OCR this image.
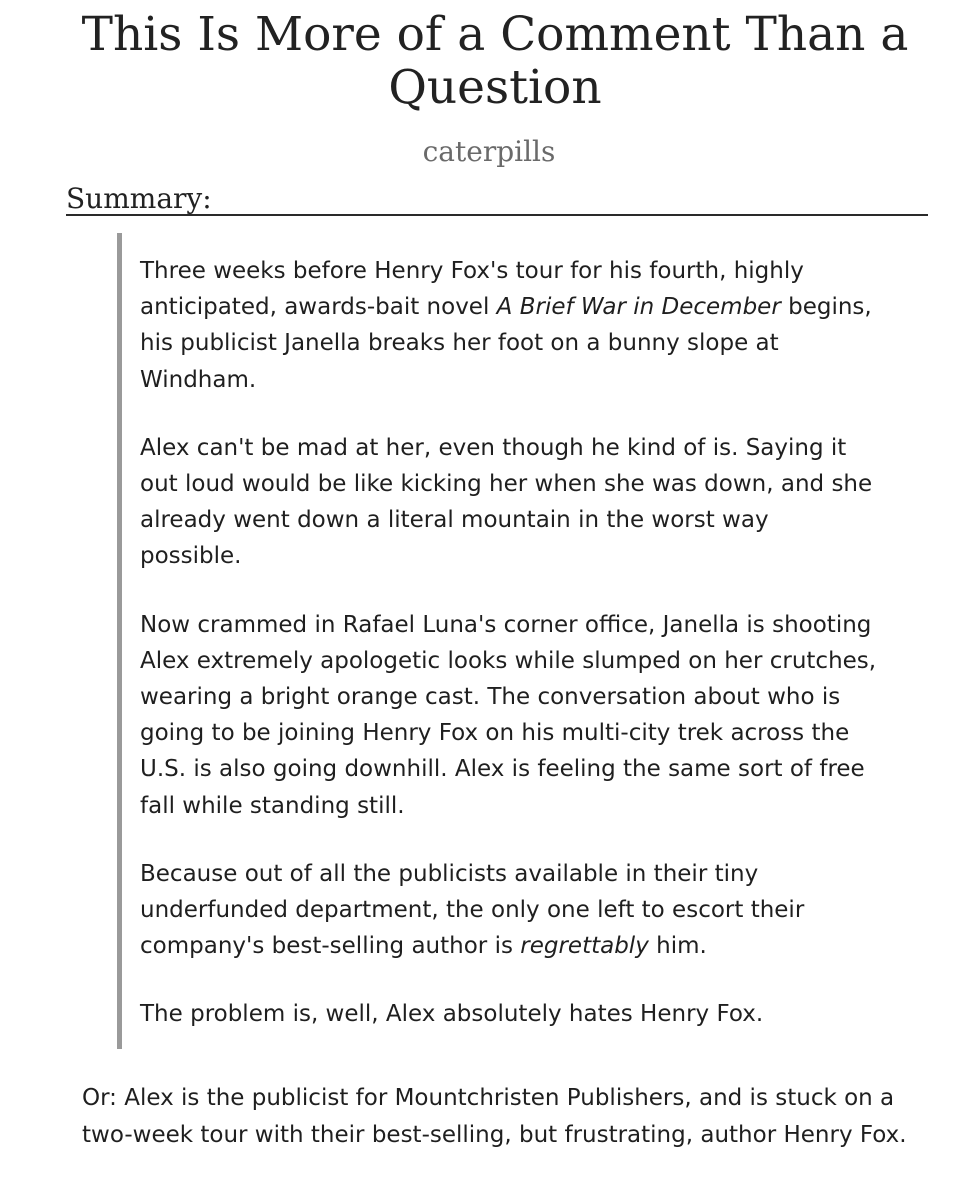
This Is More of a Comment Than a Question
caterpills
Summary:

Three weeks before Henry Fox's tour for his fourth, highly anticipated, awards-bait novel A Brief War in December begins, his publicist Janella breaks her foot on a bunny slope at Windham.

Alex can't be mad at her, even though he kind of is. Saying it out loud would be like kicking her when she was down, and she already went down a literal mountain in the worst way possible.

Now crammed in Rafael Luna's corner office, Janella is shooting Alex extremely apologetic looks while slumped on her crutches, wearing a bright orange cast. The conversation about who is going to be joining Henry Fox on his multi-city trek across the U.S. is also going downhill. Alex is feeling the same sort of free fall while standing still.

Because out of all the publicists available in their tiny underfunded department, the only one left to escort their company's best-selling author is regrettably him.

The problem is, well, Alex absolutely hates Henry Fox.

Or: Alex is the publicist for Mountchristen Publishers, and is stuck on a two-week tour with their best-selling, but frustrating, author Henry Fox.
